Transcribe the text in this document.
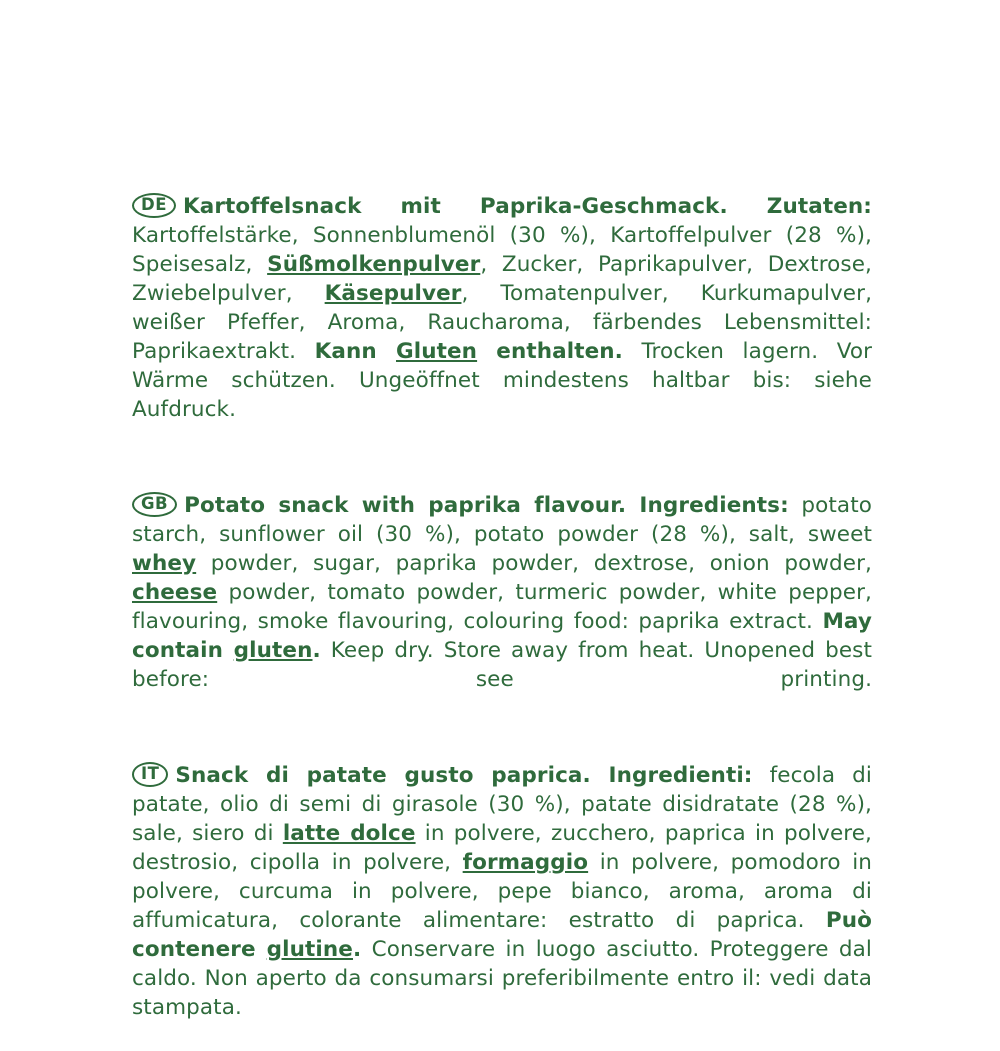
DE Kartoffelsnack mit Paprika-Geschmack. Zutaten: Kartoffelstärke, Sonnenblumenöl (30 %), Kartoffelpulver (28 %), Speisesalz, Süßmolkenpulver, Zucker, Paprikapulver, Dextrose, Zwiebelpulver, Käsepulver, Tomatenpulver, Kurkumapulver, weißer Pfeffer, Aroma, Raucharoma, färbendes Lebensmittel: Paprikaextrakt. Kann Gluten enthalten. Trocken lagern. Vor Wärme schützen. Ungeöffnet mindestens haltbar bis: siehe Aufdruck.

GB Potato snack with paprika flavour. Ingredients: potato starch, sunflower oil (30 %), potato powder (28 %), salt, sweet whey powder, sugar, paprika powder, dextrose, onion powder, cheese powder, tomato powder, turmeric powder, white pepper, flavouring, smoke flavouring, colouring food: paprika extract. May contain gluten. Keep dry. Store away from heat. Unopened best before: see printing.

IT Snack di patate gusto paprica. Ingredienti: fecola di patate, olio di semi di girasole (30 %), patate disidratate (28 %), sale, siero di latte dolce in polvere, zucchero, paprica in polvere, destrosio, cipolla in polvere, formaggio in polvere, pomodoro in polvere, curcuma in polvere, pepe bianco, aroma, aroma di affumicatura, colorante alimentare: estratto di paprica. Può contenere glutine. Conservare in luogo asciutto. Proteggere dal caldo. Non aperto da consumarsi preferibilmente entro il: vedi data stampata.
